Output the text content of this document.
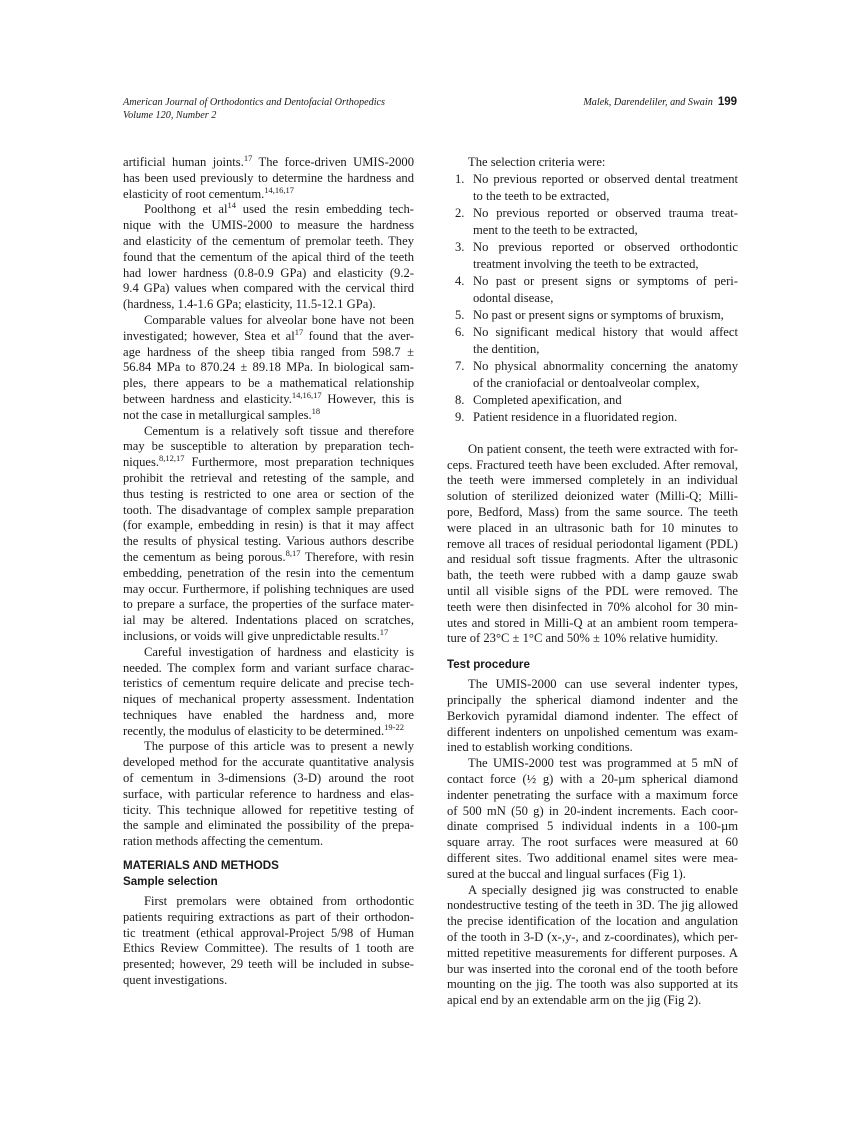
American Journal of Orthodontics and Dentofacial Orthopedics
Volume 120, Number 2
Malek, Darendeliler, and Swain 199
artificial human joints.$^{17}$ The force-driven UMIS-2000
has been used previously to determine the hardness and
elasticity of root cementum.$^{14,16,17}$
Poolthong et $al^{14}$ used the resin embedding tech-
nique with the UMIS-2000 to measure the hardness
and elasticity of the cementum of premolar teeth. They
found that the cementum of the apical third of the teeth
had lower hardness (0.8-0.9 GPa) and elasticity (9.2-
9.4 GPa) values when compared with the cervical third
(hardness, 1.4-1.6 GPa; elasticity, 11.5-12.1 GPa).
Comparable values for alveolar bone have not been
investigated; however, Stea et $al^{17}$ found that the aver-
age hardness of the sheep tibia ranged from 598.7 ±
56.84 MPa to 870.24 ± 89.18 MPa. In biological sam-
ples, there appears to be a mathematical relationship
between hardness and elasticity.$^{14,16,17}$ However, this is
not the case in metallurgical samples.$^{18}$
Cementum is a relatively soft tissue and therefore
may be susceptible to alteration by preparation tech-
niques.$^{8,12,17}$ Furthermore, most preparation techniques
prohibit the retrieval and retesting of the sample, and
thus testing is restricted to one area or section of the
tooth. The disadvantage of complex sample preparation
(for example, embedding in resin) is that it may affect
the results of physical testing. Various authors describe
the cementum as being porous.$^{8,17}$ Therefore, with resin
embedding, penetration of the resin into the cementum
may occur. Furthermore, if polishing techniques are used
to prepare a surface, the properties of the surface mater-
ial may be altered. Indentations placed on scratches,
inclusions, or voids will give unpredictable results.$^{17}$
Careful investigation of hardness and elasticity is
needed. The complex form and variant surface charac-
teristics of cementum require delicate and precise tech-
niques of mechanical property assessment. Indentation
techniques have enabled the hardness and, more
recently, the modulus of elasticity to be determined.$^{19-22}$
The purpose of this article was to present a newly
developed method for the accurate quantitative analysis
of cementum in 3-dimensions (3-D) around the root
surface, with particular reference to hardness and elas-
ticity. This technique allowed for repetitive testing of
the sample and eliminated the possibility of the prepa-
ration methods affecting the cementum.
MATERIALS AND METHODS
Sample selection
First premolars were obtained from orthodontic
patients requiring extractions as part of their orthodon-
tic treatment (ethical approval-Project 5/98 of Human
Ethics Review Committee). The results of 1 tooth are
presented; however, 29 teeth will be included in subse-
quent investigations.
The selection criteria were:
1. No previous reported or observed dental treatment
to the teeth to be extracted,
2. No previous reported or observed trauma treat-
ment to the teeth to be extracted,
3. No previous reported or observed orthodontic
treatment involving the teeth to be extracted,
4. No past or present signs or symptoms of peri-
odontal disease,
5. No past or present signs or symptoms of bruxism,
6. No significant medical history that would affect
the dentition,
7. No physical abnormality concerning the anatomy
of the craniofacial or dentoalveolar complex,
8. Completed apexification, and
9. Patient residence in a fluoridated region.
On patient consent, the teeth were extracted with for-
ceps. Fractured teeth have been excluded. After removal,
the teeth were immersed completely in an individual
solution of sterilized deionized water (Milli-Q; Milli-
pore, Bedford, Mass) from the same source. The teeth
were placed in an ultrasonic bath for 10 minutes to
remove all traces of residual periodontal ligament (PDL)
and residual soft tissue fragments. After the ultrasonic
bath, the teeth were rubbed with a damp gauze swab
until all visible signs of the PDL were removed. The
teeth were then disinfected in 70% alcohol for 30 min-
utes and stored in Milli-Q at an ambient room tempera-
ture of 23°C ± 1°C and 50% ± 10% relative humidity.
Test procedure
The UMIS-2000 can use several indenter types,
principally the spherical diamond indenter and the
Berkovich pyramidal diamond indenter. The effect of
different indenters on unpolished cementum was exam-
ined to establish working conditions.
The UMIS-2000 test was programmed at 5 mN of
contact force (½ g) with a 20-µm spherical diamond
indenter penetrating the surface with a maximum force
of 500 mN (50 g) in 20-indent increments. Each coor-
dinate comprised 5 individual indents in a 100-µm
square array. The root surfaces were measured at 60
different sites. Two additional enamel sites were mea-
sured at the buccal and lingual surfaces (Fig 1).
A specially designed jig was constructed to enable
nondestructive testing of the teeth in 3D. The jig allowed
the precise identification of the location and angulation
of the tooth in 3-D (x-,y-, and z-coordinates), which per-
mitted repetitive measurements for different purposes. A
bur was inserted into the coronal end of the tooth before
mounting on the jig. The tooth was also supported at its
apical end by an extendable arm on the jig (Fig 2).
